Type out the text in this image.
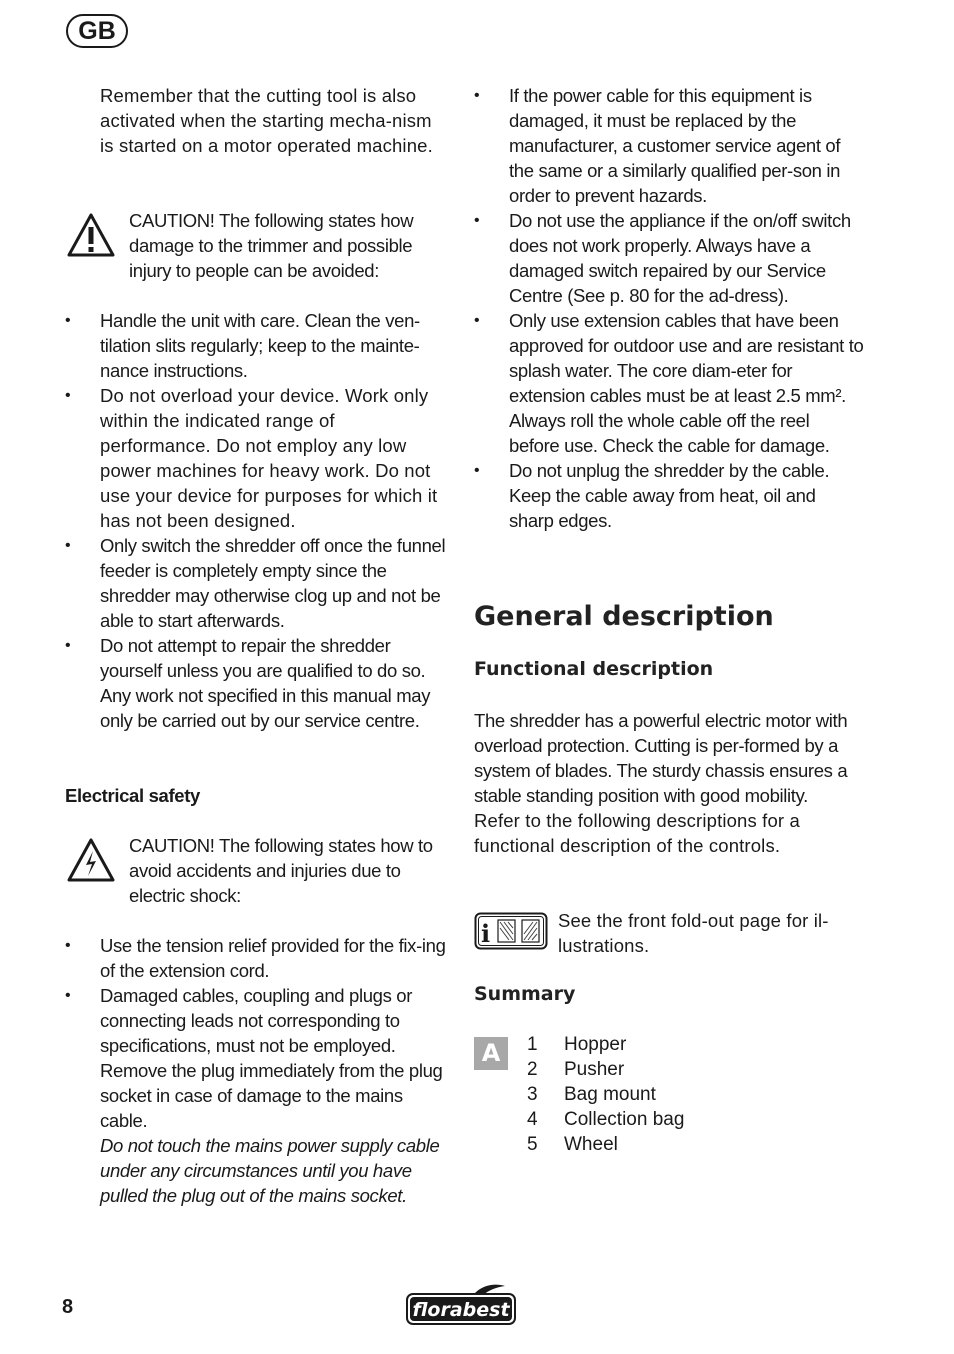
GB

Remember that the cutting tool is also activated when the starting mecha-nism is started on a motor operated machine.

CAUTION! The following states how damage to the trimmer and possible injury to people can be avoided:

• Handle the unit with care. Clean the ven-tilation slits regularly; keep to the mainte-nance instructions.
• Do not overload your device. Work only within the indicated range of performance. Do not employ any low power machines for heavy work. Do not use your device for purposes for which it has not been designed.
• Only switch the shredder off once the funnel feeder is completely empty since the shredder may otherwise clog up and not be able to start afterwards.
• Do not attempt to repair the shredder yourself unless you are qualified to do so. Any work not specified in this manual may only be carried out by our service centre.

Electrical safety

CAUTION! The following states how to avoid accidents and injuries due to electric shock:

• Use the tension relief provided for the fix-ing of the extension cord.
• Damaged cables, coupling and plugs or connecting leads not corresponding to specifications, must not be employed. Remove the plug immediately from the plug socket in case of damage to the mains cable.
Do not touch the mains power supply cable under any circumstances until you have pulled the plug out of the mains socket.
• If the power cable for this equipment is damaged, it must be replaced by the manufacturer, a customer service agent of the same or a similarly qualified per-son in order to prevent hazards.
• Do not use the appliance if the on/off switch does not work properly. Always have a damaged switch repaired by our Service Centre (See p. 80 for the ad-dress).
• Only use extension cables that have been approved for outdoor use and are resistant to splash water. The core diam-eter for extension cables must be at least 2.5 mm². Always roll the whole cable off the reel before use. Check the cable for damage.
• Do not unplug the shredder by the cable. Keep the cable away from heat, oil and sharp edges.

General description

Functional description

The shredder has a powerful electric motor with overload protection. Cutting is per-formed by a system of blades. The sturdy chassis ensures a stable standing position with good mobility.

Refer to the following descriptions for a functional description of the controls.

i	See the front fold-out page for il-lustrations.

Summary

A	1	Hopper
2	Pusher
3	Bag mount
4	Collection bag
5	Wheel
8	florabest
